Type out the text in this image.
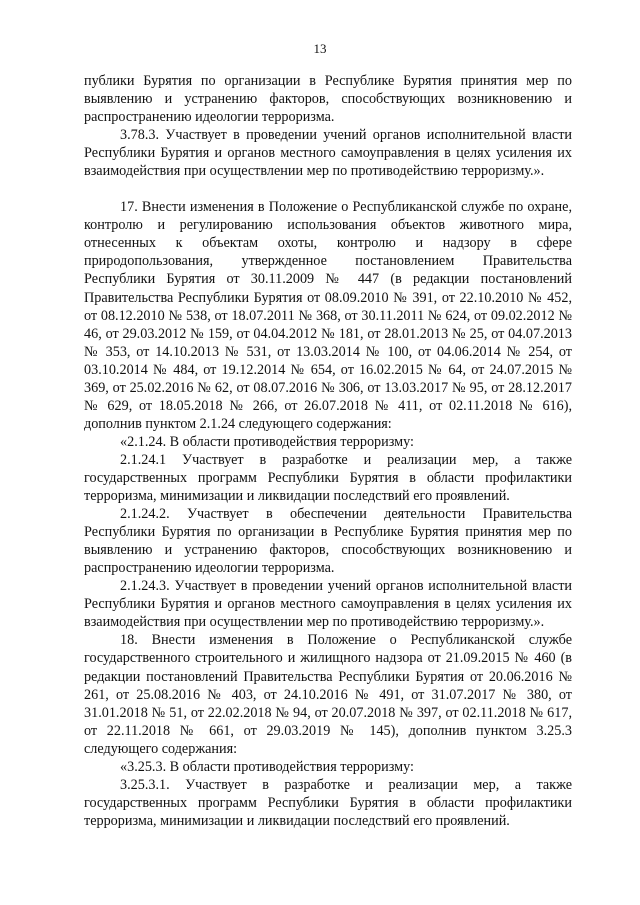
13

публики Бурятия по организации в Республике Бурятия принятия мер по выявлению и устранению факторов, способствующих возникновению и распространению идеологии терроризма.

3.78.3. Участвует в проведении учений органов исполнительной власти Республики Бурятия и органов местного самоуправления в целях усиления их взаимодействия при осуществлении мер по противодействию терроризму.».

17. Внести изменения в Положение о Республиканской службе по охране, контролю и регулированию использования объектов животного мира, отнесенных к объектам охоты, контролю и надзору в сфере природопользования, утвержденное постановлением Правительства Республики Бурятия от 30.11.2009 № 447 (в редакции постановлений Правительства Республики Бурятия от 08.09.2010 № 391, от 22.10.2010 № 452, от 08.12.2010 № 538, от 18.07.2011 № 368, от 30.11.2011 № 624, от 09.02.2012 № 46, от 29.03.2012 № 159, от 04.04.2012 № 181, от 28.01.2013 № 25, от 04.07.2013 № 353, от 14.10.2013 № 531, от 13.03.2014 № 100, от 04.06.2014 № 254, от 03.10.2014 № 484, от 19.12.2014 № 654, от 16.02.2015 № 64, от 24.07.2015 № 369, от 25.02.2016 № 62, от 08.07.2016 № 306, от 13.03.2017 № 95, от 28.12.2017 № 629, от 18.05.2018 № 266, от 26.07.2018 № 411, от 02.11.2018 № 616), дополнив пунктом 2.1.24 следующего содержания:

«2.1.24. В области противодействия терроризму:

2.1.24.1 Участвует в разработке и реализации мер, а также государственных программ Республики Бурятия в области профилактики терроризма, минимизации и ликвидации последствий его проявлений.

2.1.24.2. Участвует в обеспечении деятельности Правительства Республики Бурятия по организации в Республике Бурятия принятия мер по выявлению и устранению факторов, способствующих возникновению и распространению идеологии терроризма.

2.1.24.3. Участвует в проведении учений органов исполнительной власти Республики Бурятия и органов местного самоуправления в целях усиления их взаимодействия при осуществлении мер по противодействию терроризму.».

18. Внести изменения в Положение о Республиканской службе государственного строительного и жилищного надзора от 21.09.2015 № 460 (в редакции постановлений Правительства Республики Бурятия от 20.06.2016 № 261, от 25.08.2016 № 403, от 24.10.2016 № 491, от 31.07.2017 № 380, от 31.01.2018 № 51, от 22.02.2018 № 94, от 20.07.2018 № 397, от 02.11.2018 № 617, от 22.11.2018 № 661, от 29.03.2019 № 145), дополнив пунктом 3.25.3 следующего содержания:

«3.25.3. В области противодействия терроризму:

3.25.3.1. Участвует в разработке и реализации мер, а также государственных программ Республики Бурятия в области профилактики терроризма, минимизации и ликвидации последствий его проявлений.
